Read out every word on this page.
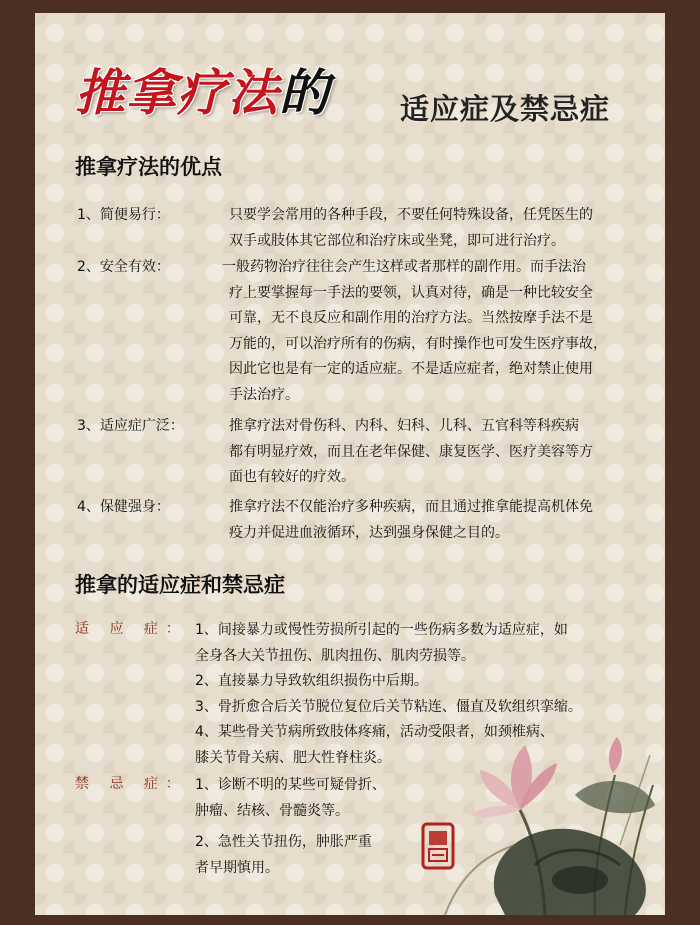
推拿疗法的 适应症及禁忌症
推拿疗法的优点
1、简便易行：	只要学会常用的各种手段，不要任何特殊设备，任凭医生的
双手或肢体其它部位和治疗床或坐凳，即可进行治疗。
2、安全有效：	一般药物治疗往往会产生这样或者那样的副作用。而手法治
疗上要掌握每一手法的要领，认真对待，确是一种比较安全
可靠，无不良反应和副作用的治疗方法。当然按摩手法不是
万能的，可以治疗所有的伤病，有时操作也可发生医疗事故，
因此它也是有一定的适应症。不是适应症者，绝对禁止使用
手法治疗。
3、适应症广泛：	推拿疗法对骨伤科、内科、妇科、儿科、五官科等科疾病
都有明显疗效，而且在老年保健、康复医学、医疗美容等方
面也有较好的疗效。
4、保健强身：	推拿疗法不仅能治疗多种疾病，而且通过推拿能提高机体免
疫力并促进血液循环，达到强身保健之目的。
推拿的适应症和禁忌症
适 应 症： 1、间接暴力或慢性劳损所引起的一些伤病多数为适应症，如
全身各大关节扭伤、肌肉扭伤、肌肉劳损等。
2、直接暴力导致软组织损伤中后期。
3、骨折愈合后关节脱位复位后关节粘连、僵直及软组织挛缩。
4、某些骨关节病所致肢体疼痛，活动受限者，如颈椎病、
膝关节骨关病、肥大性脊柱炎。
禁 忌 症： 1、诊断不明的某些可疑骨折、
肿瘤、结核、骨髓炎等。
2、急性关节扭伤，肿胀严重
者早期慎用。
